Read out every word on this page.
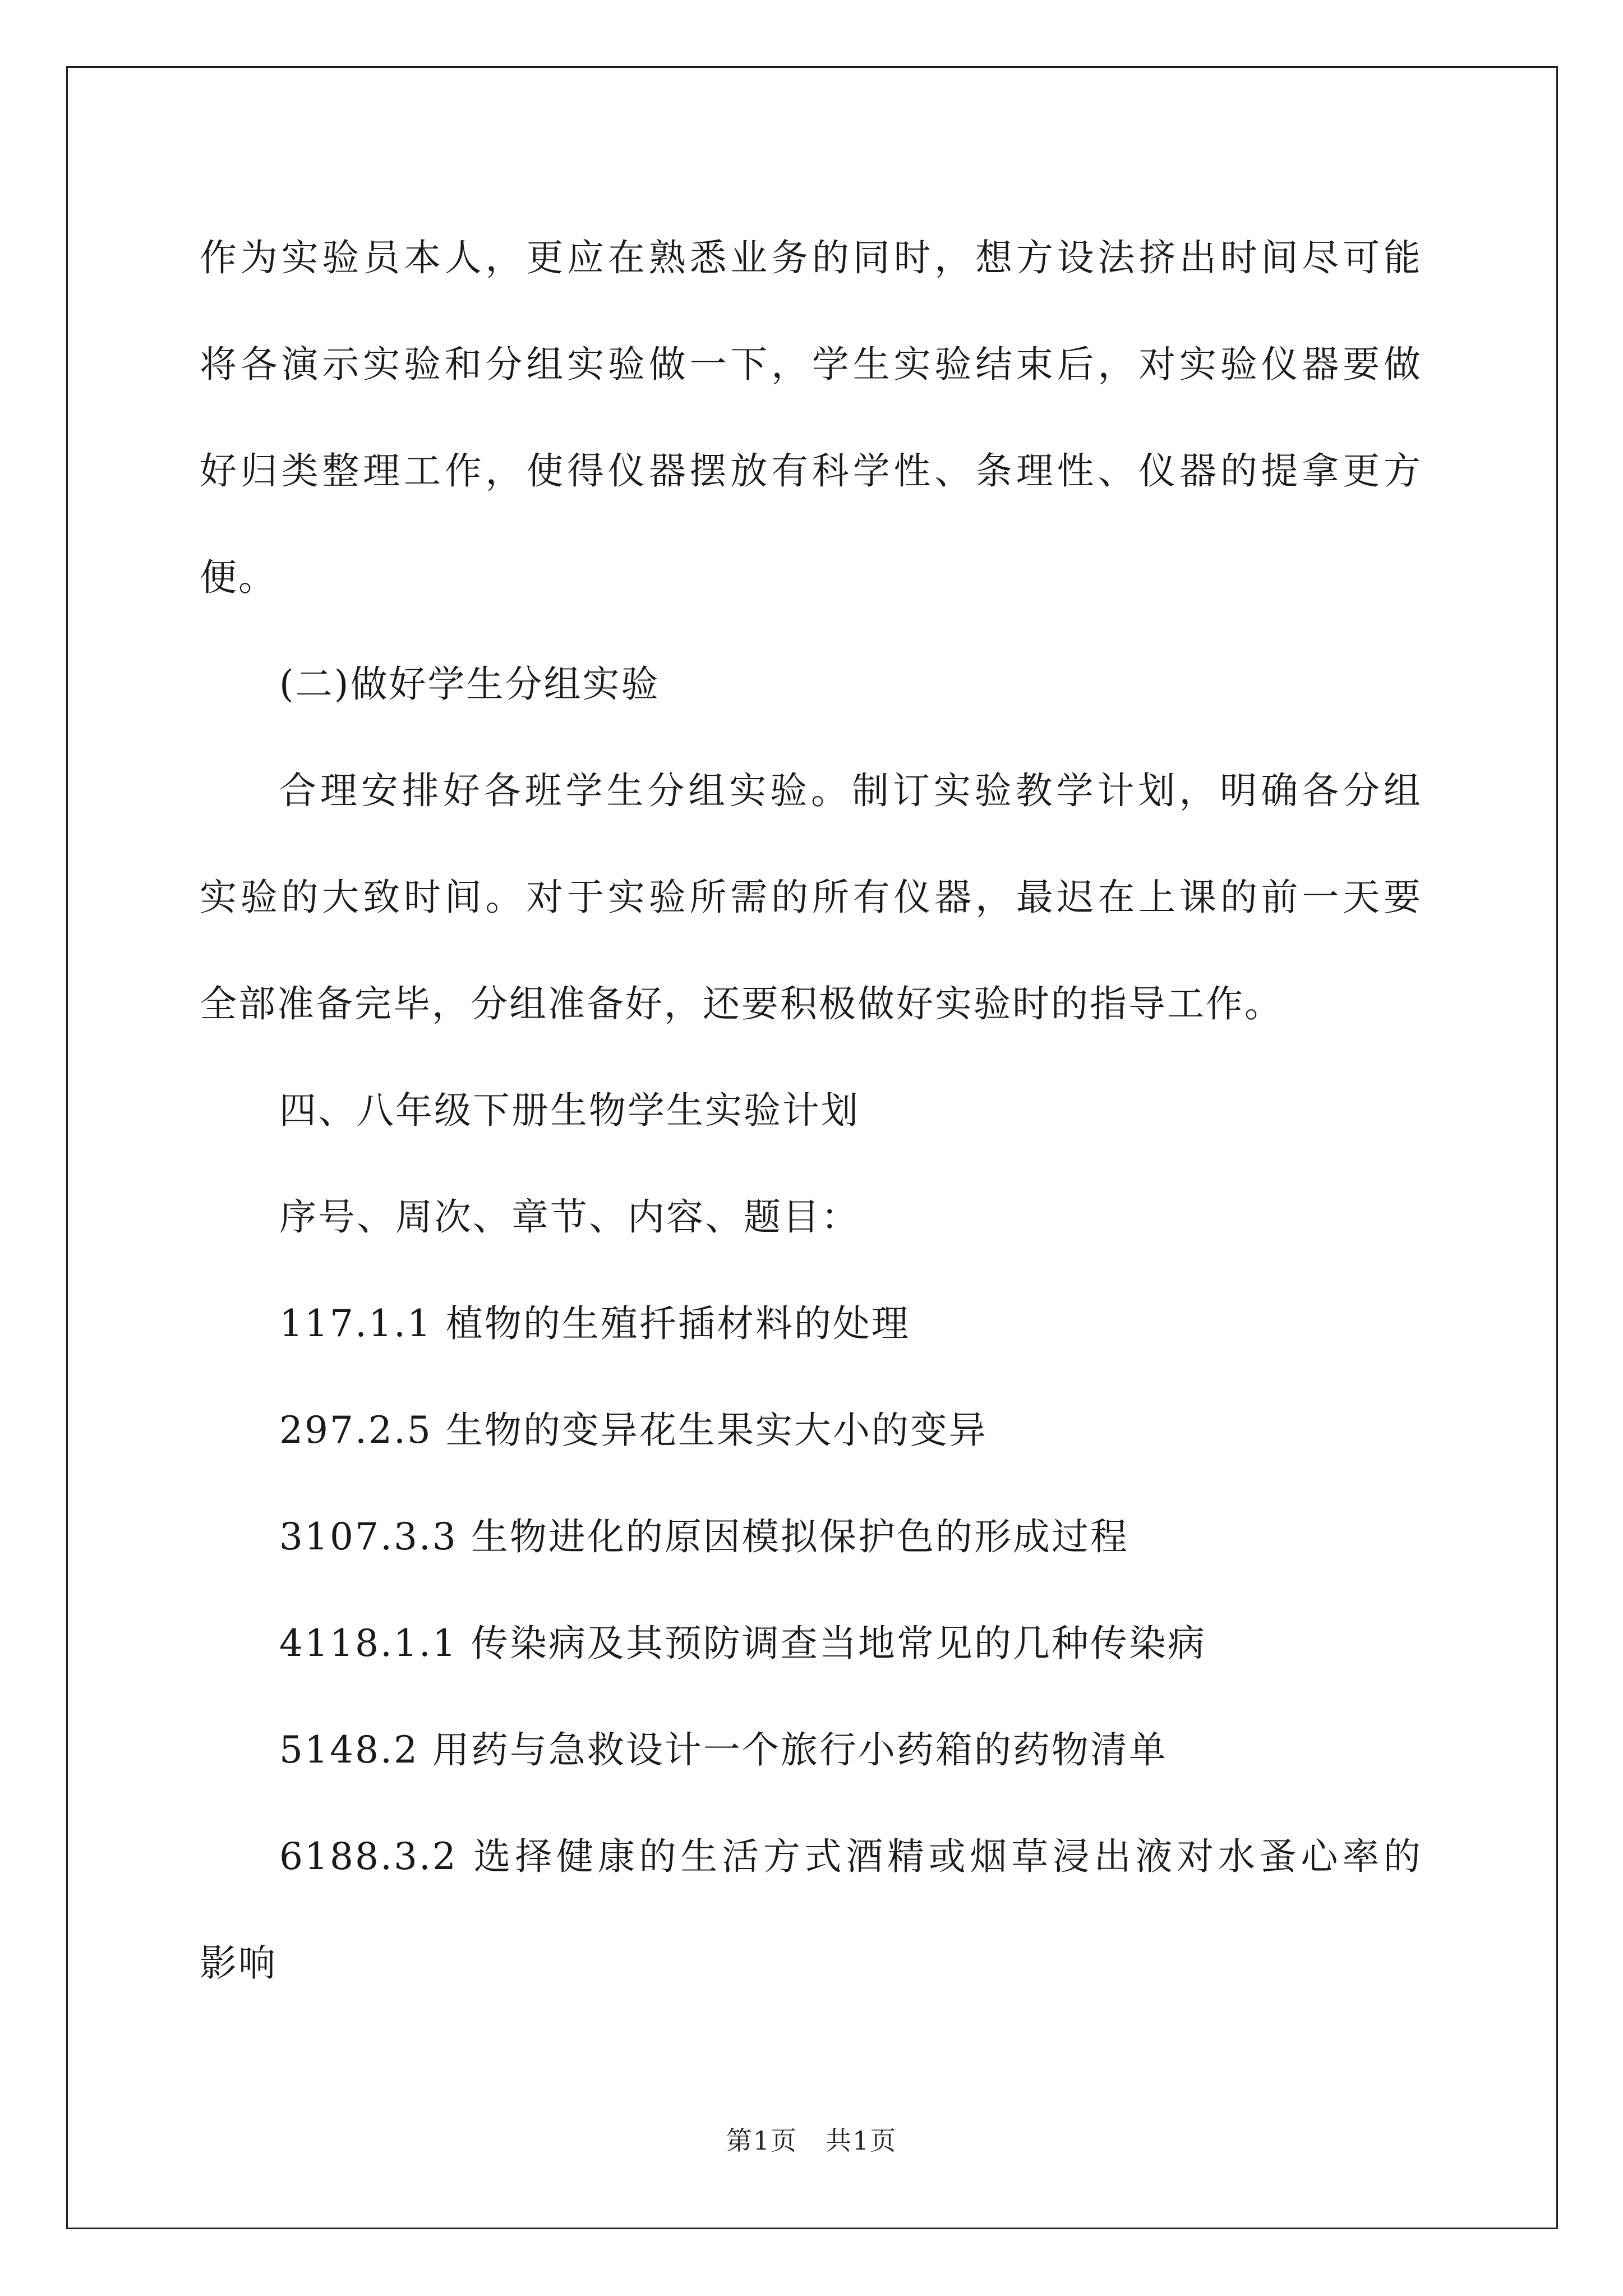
作为实验员本人，更应在熟悉业务的同时，想方设法挤出时间尽可能
将各演示实验和分组实验做一下，学生实验结束后，对实验仪器要做
好归类整理工作，使得仪器摆放有科学性、条理性、仪器的提拿更方
便。
(二)做好学生分组实验
合理安排好各班学生分组实验。制订实验教学计划，明确各分组
实验的大致时间。对于实验所需的所有仪器，最迟在上课的前一天要
全部准备完毕，分组准备好，还要积极做好实验时的指导工作。
四、八年级下册生物学生实验计划
序号、周次、章节、内容、题目：
117.1.1 植物的生殖扦插材料的处理
297.2.5 生物的变异花生果实大小的变异
3107.3.3 生物进化的原因模拟保护色的形成过程
4118.1.1 传染病及其预防调查当地常见的几种传染病
5148.2 用药与急救设计一个旅行小药箱的药物清单
6188.3.2 选择健康的生活方式酒精或烟草浸出液对水蚤心率的
影响
第1页 共1页
